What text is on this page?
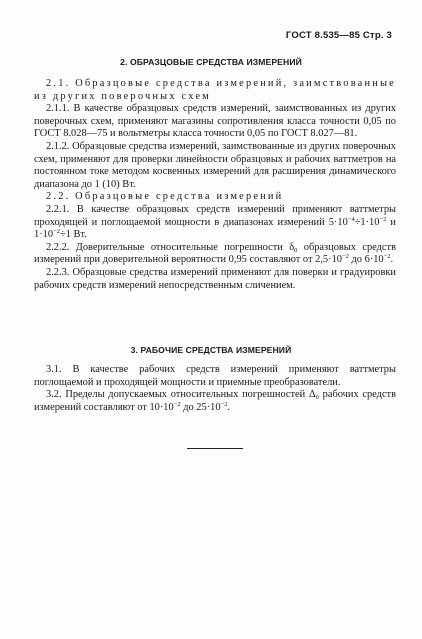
ГОСТ 8.535—85 Стр. 3
2. ОБРАЗЦОВЫЕ СРЕДСТВА ИЗМЕРЕНИЙ

2.1. Образцовые средства измерений, заимствованные из других поверочных схем

2.1.1. В качестве образцовых средств измерений, заимствованных из других поверочных схем, применяют магазины сопротивления класса точности 0,05 по ГОСТ 8.028—75 и вольтметры класса точности 0,05 по ГОСТ 8.027—81.

2.1.2. Образцовые средства измерений, заимствованные из других поверочных схем, применяют для проверки линейности образцовых и рабочих ваттметров на постоянном токе методом косвенных измерений для расширения динамического диапазона до 1 (10) Вт.

2.2. Образцовые средства измерений

2.2.1. В качестве образцовых средств измерений применяют ваттметры проходящей и поглощаемой мощности в диапазонах измерений $5\cdot 10^{-4}\div 1\cdot 10^{-2}$ и $1\cdot 10^{-2}\div 1$ Вт.

2.2.2. Доверительные относительные погрешности $\delta_0$ образцовых средств измерений при доверительной вероятности 0,95 составляют от $2,5\cdot 10^{-2}$ до $6\cdot 10^{-2}$.

2.2.3. Образцовые средства измерений применяют для поверки и градуировки рабочих средств измерений непосредственным сличением.

3. РАБОЧИЕ СРЕДСТВА ИЗМЕРЕНИЙ

3.1. В качестве рабочих средств измерений применяют ваттметры поглощаемой и проходящей мощности и приемные преобразователи.

3.2. Пределы допускаемых относительных погрешностей $\Delta_0$ рабочих средств измерений составляют от $10\cdot 10^{-2}$ до $25\cdot 10^{-2}$.
